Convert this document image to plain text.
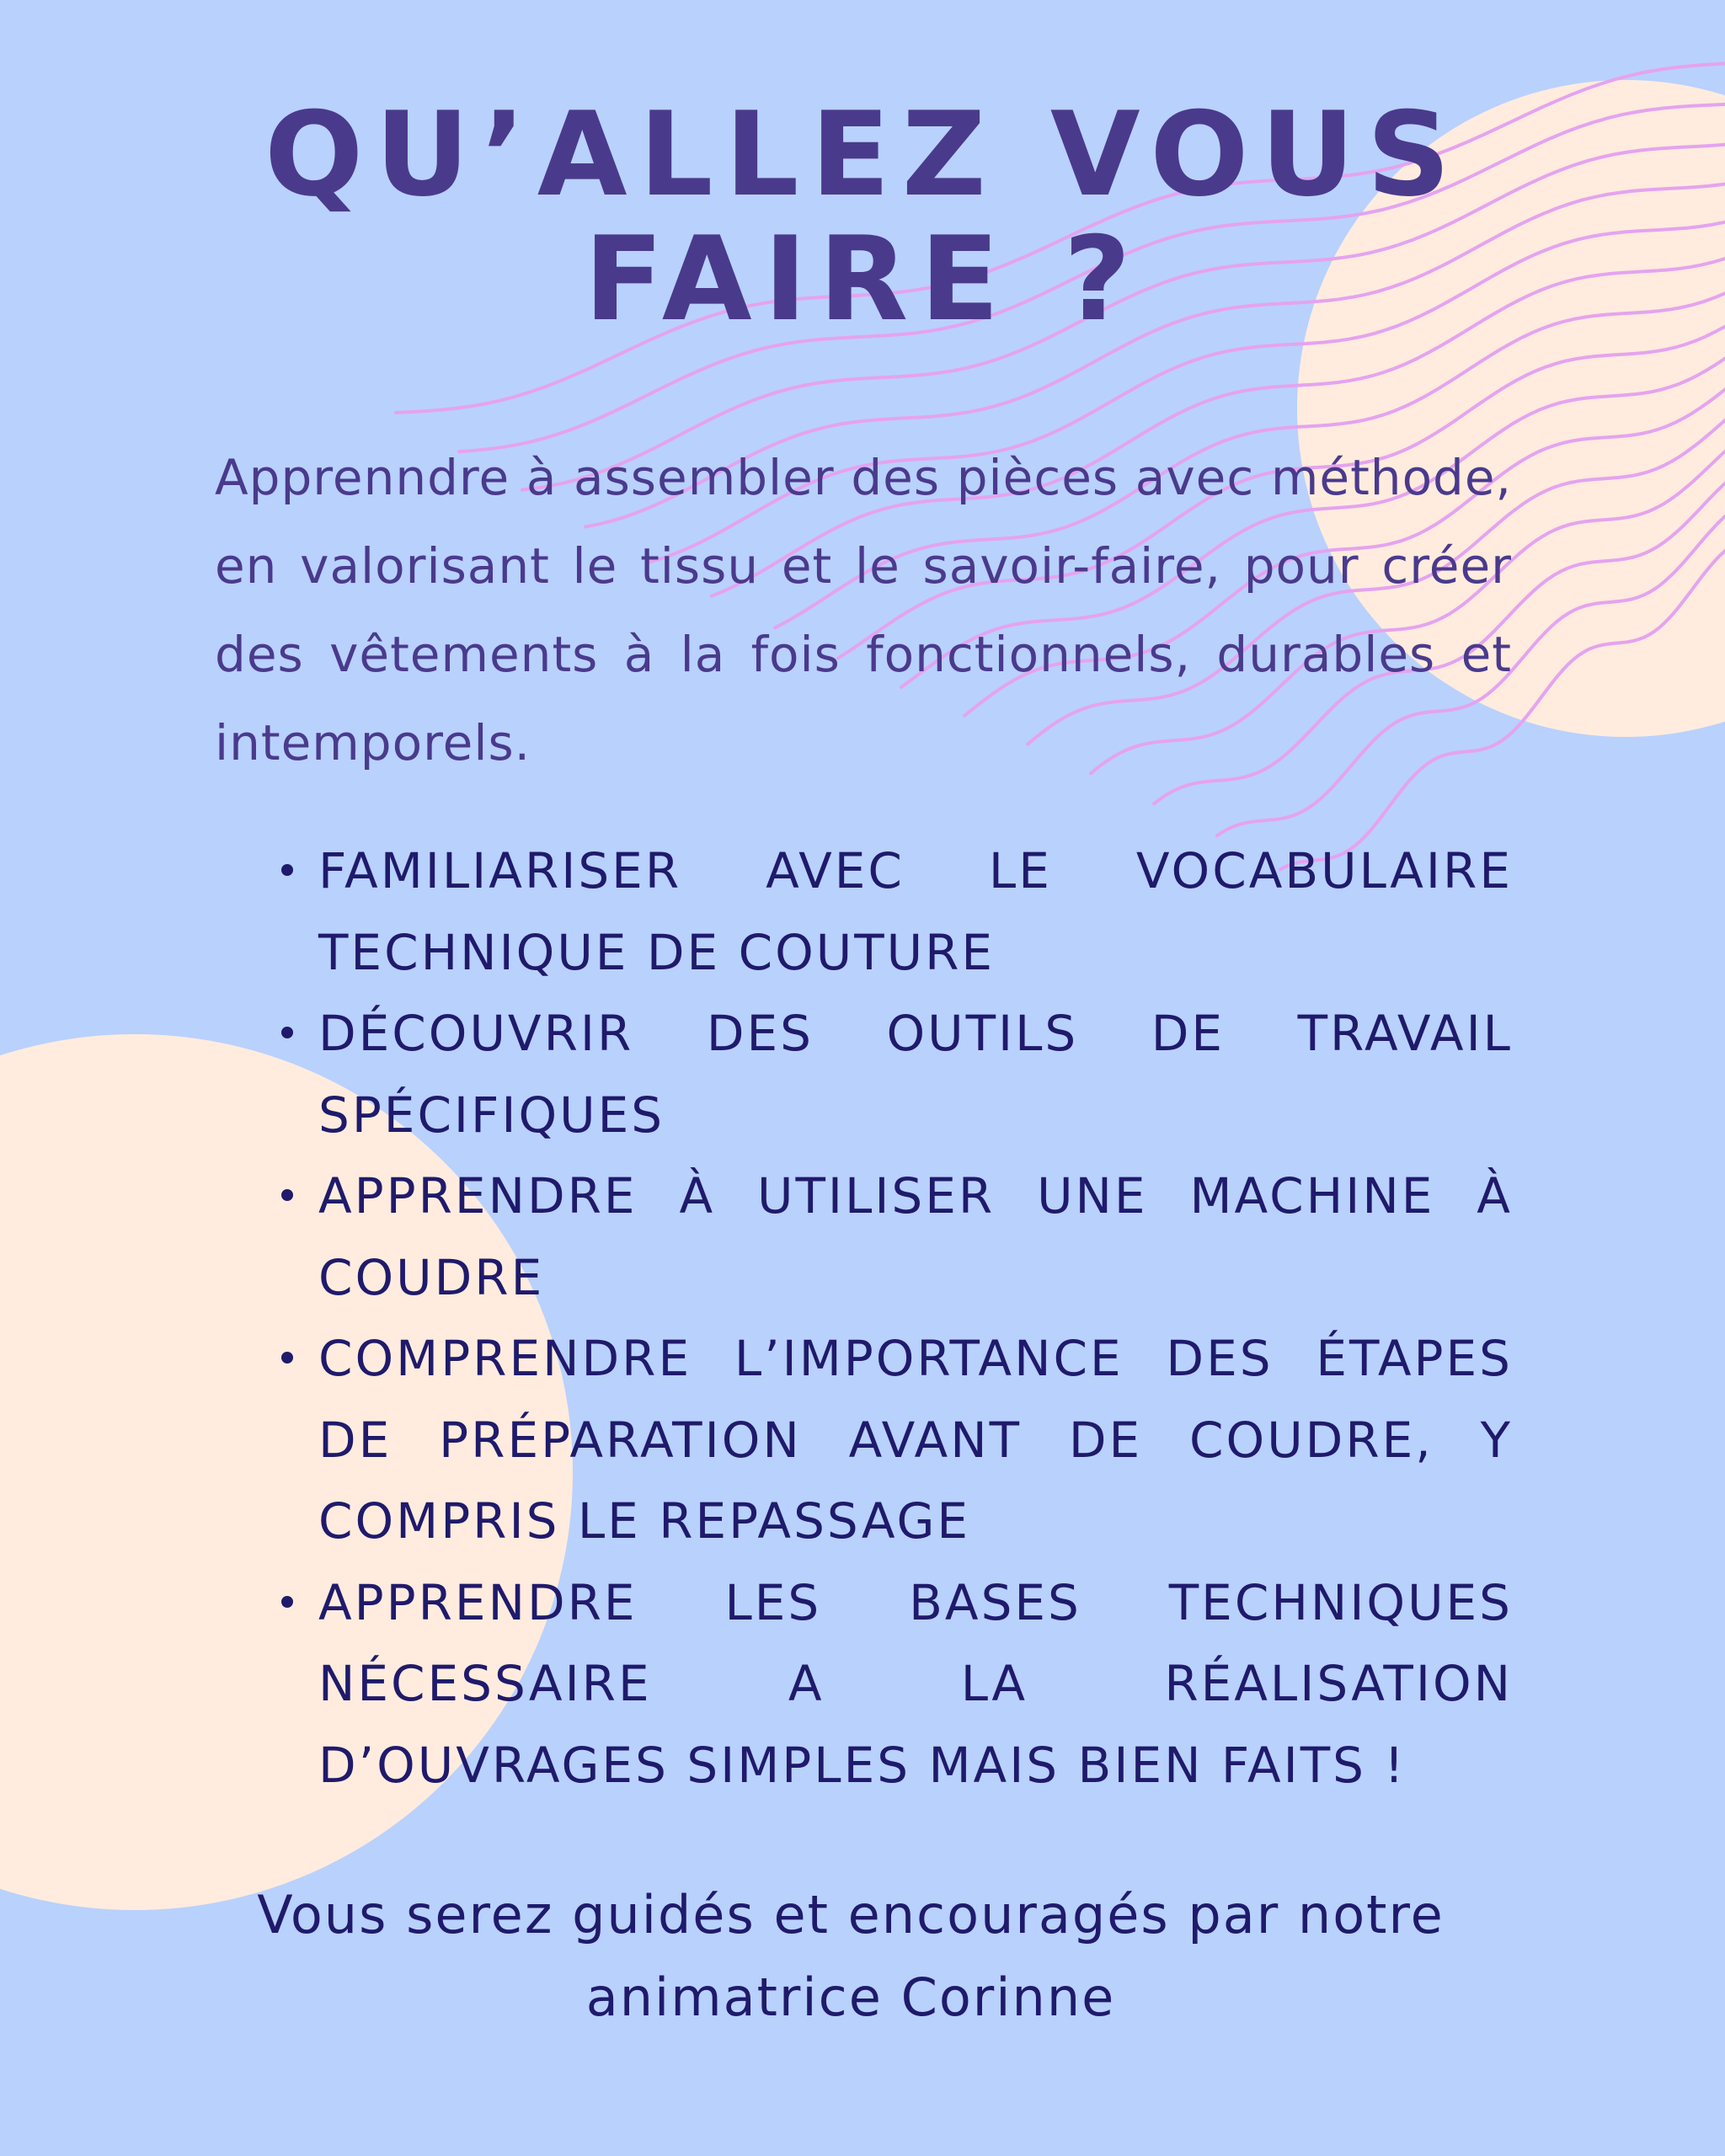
QU’ALLEZ VOUS FAIRE ?

Apprenndre à assembler des pièces avec méthode, en valorisant le tissu et le savoir-faire, pour créer des vêtements à la fois fonctionnels, durables et intemporels.

FAMILIARISER AVEC LE VOCABULAIRE TECHNIQUE DE COUTURE
DÉCOUVRIR DES OUTILS DE TRAVAIL SPÉCIFIQUES
APPRENDRE À UTILISER UNE MACHINE À COUDRE
COMPRENDRE L’IMPORTANCE DES ÉTAPES DE PRÉPARATION AVANT DE COUDRE, Y COMPRIS LE REPASSAGE
APPRENDRE LES BASES TECHNIQUES NÉCESSAIRE A LA RÉALISATION D’OUVRAGES SIMPLES MAIS BIEN FAITS !

Vous serez guidés et encouragés par notre animatrice Corinne
